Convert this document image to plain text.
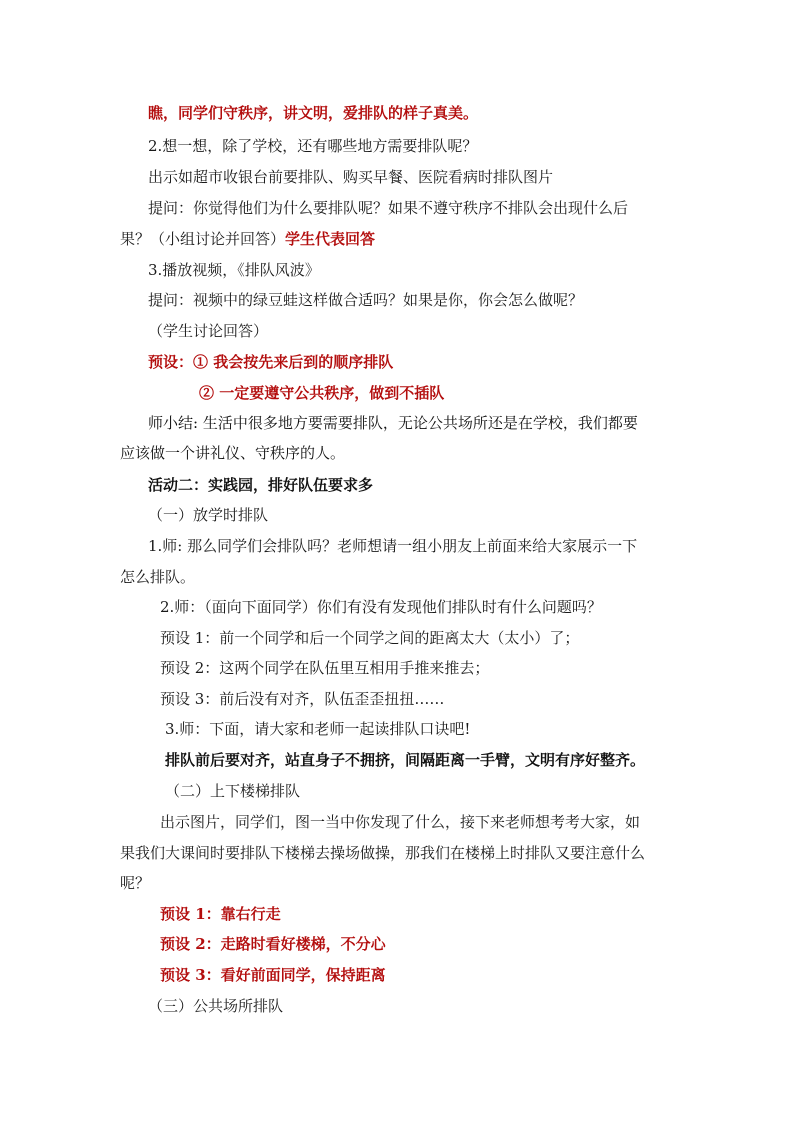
瞧，同学们守秩序，讲文明，爱排队的样子真美。

2.想一想，除了学校，还有哪些地方需要排队呢？

出示如超市收银台前要排队、购买早餐、医院看病时排队图片

提问：你觉得他们为什么要排队呢？如果不遵守秩序不排队会出现什么后

果？（小组讨论并回答）学生代表回答

3.播放视频，《排队风波》

提问：视频中的绿豆蛙这样做合适吗？如果是你，你会怎么做呢？

（学生讨论回答）

预设：① 我会按先来后到的顺序排队

② 一定要遵守公共秩序，做到不插队

师小结: 生活中很多地方要需要排队，无论公共场所还是在学校，我们都要

应该做一个讲礼仪、守秩序的人。

活动二：实践园，排好队伍要求多

（一）放学时排队

1.师: 那么同学们会排队吗？老师想请一组小朋友上前面来给大家展示一下

怎么排队。

2.师：（面向下面同学）你们有没有发现他们排队时有什么问题吗？

预设 1：前一个同学和后一个同学之间的距离太大（太小）了；

预设 2：这两个同学在队伍里互相用手推来推去；

预设 3：前后没有对齐，队伍歪歪扭扭……

3.师：下面，请大家和老师一起读排队口诀吧!

排队前后要对齐，站直身子不拥挤，间隔距离一手臂，文明有序好整齐。

（二）上下楼梯排队

出示图片，同学们，图一当中你发现了什么，接下来老师想考考大家，如

果我们大课间时要排队下楼梯去操场做操，那我们在楼梯上时排队又要注意什么

呢？

预设 1：靠右行走

预设 2：走路时看好楼梯，不分心

预设 3：看好前面同学，保持距离

（三）公共场所排队
